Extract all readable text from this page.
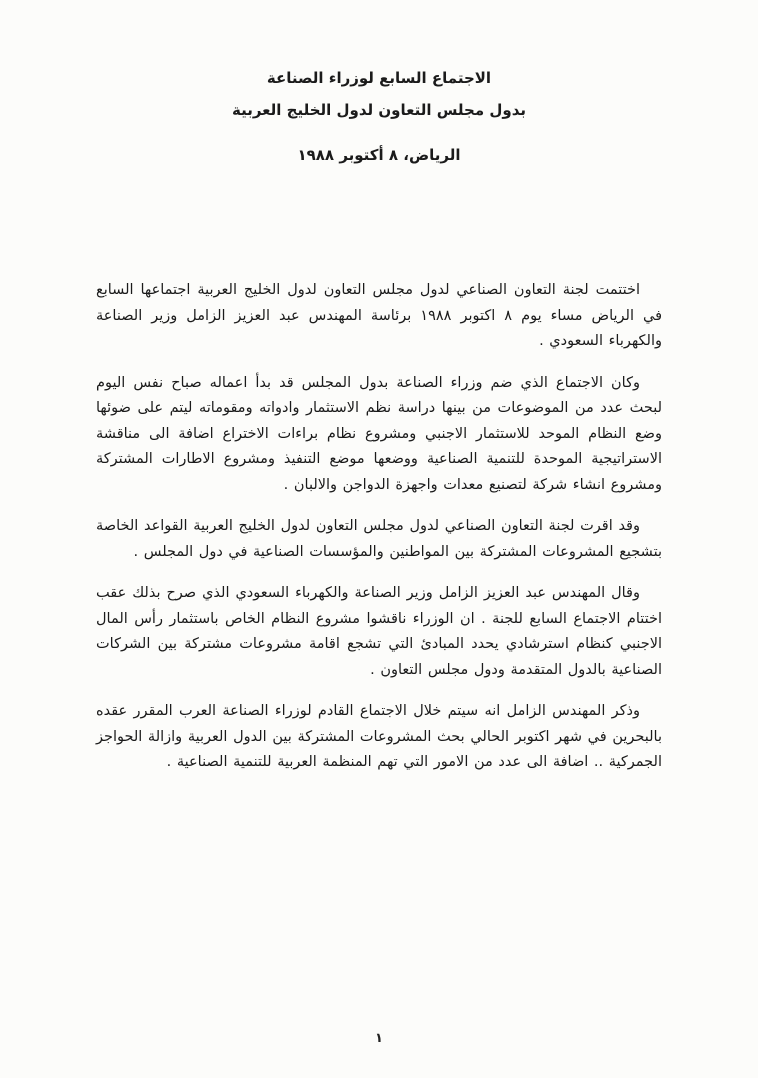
الاجتماع السابع لوزراء الصناعة
بدول مجلس التعاون لدول الخليج العربية
الرياض، ٨ أكتوبر ١٩٨٨

اختتمت لجنة التعاون الصناعي لدول مجلس التعاون لدول الخليج العربية اجتماعها السابع في الرياض مساء يوم ٨ اكتوبر ١٩٨٨ برئاسة المهندس عبد العزيز الزامل وزير الصناعة والكهرباء السعودي .

وكان الاجتماع الذي ضم وزراء الصناعة بدول المجلس قد بدأ اعماله صباح نفس اليوم لبحث عدد من الموضوعات من بينها دراسة نظم الاستثمار وادواته ومقوماته ليتم على ضوئها وضع النظام الموحد للاستثمار الاجنبي ومشروع نظام براءات الاختراع اضافة الى مناقشة الاستراتيجية الموحدة للتنمية الصناعية ووضعها موضع التنفيذ ومشروع الاطارات المشتركة ومشروع انشاء شركة لتصنيع معدات واجهزة الدواجن والالبان .

وقد اقرت لجنة التعاون الصناعي لدول مجلس التعاون لدول الخليج العربية القواعد الخاصة بتشجيع المشروعات المشتركة بين المواطنين والمؤسسات الصناعية في دول المجلس .

وقال المهندس عبد العزيز الزامل وزير الصناعة والكهرباء السعودي الذي صرح بذلك عقب اختتام الاجتماع السابع للجنة . ان الوزراء ناقشوا مشروع النظام الخاص باستثمار رأس المال الاجنبي كنظام استرشادي يحدد المبادئ التي تشجع اقامة مشروعات مشتركة بين الشركات الصناعية بالدول المتقدمة ودول مجلس التعاون .

وذكر المهندس الزامل انه سيتم خلال الاجتماع القادم لوزراء الصناعة العرب المقرر عقده بالبحرين في شهر اكتوبر الحالي بحث المشروعات المشتركة بين الدول العربية وازالة الحواجز الجمركية .. اضافة الى عدد من الامور التي تهم المنظمة العربية للتنمية الصناعية .

١
